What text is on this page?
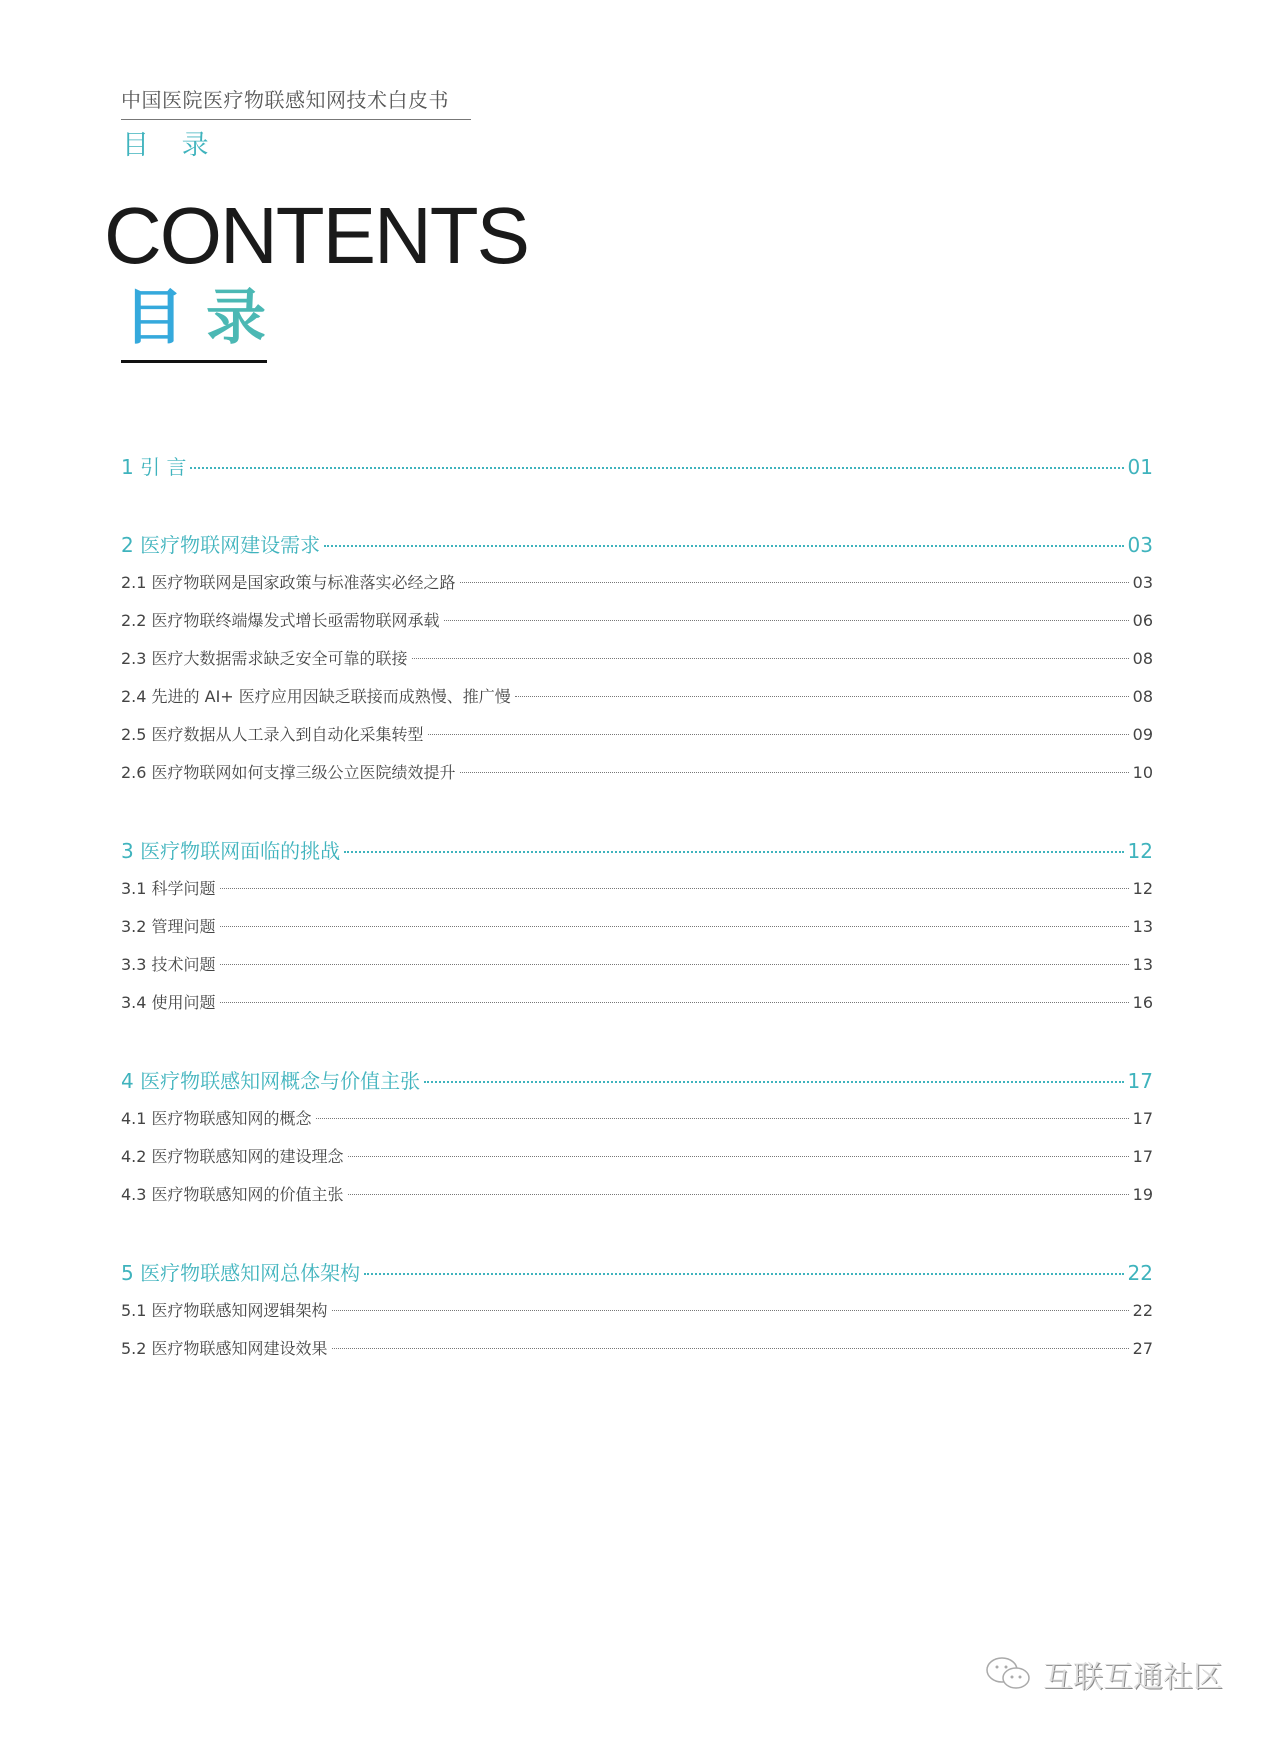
中国医院医疗物联感知网技术白皮书
目 录
CONTENTS
目 录
1 引 言	01
2 医疗物联网建设需求	03
2.1 医疗物联网是国家政策与标准落实必经之路	03
2.2 医疗物联终端爆发式增长亟需物联网承载	06
2.3 医疗大数据需求缺乏安全可靠的联接	08
2.4 先进的 AI+ 医疗应用因缺乏联接而成熟慢、推广慢	08
2.5 医疗数据从人工录入到自动化采集转型	09
2.6 医疗物联网如何支撑三级公立医院绩效提升	10
3 医疗物联网面临的挑战	12
3.1 科学问题	12
3.2 管理问题	13
3.3 技术问题	13
3.4 使用问题	16
4 医疗物联感知网概念与价值主张	17
4.1 医疗物联感知网的概念	17
4.2 医疗物联感知网的建设理念	17
4.3 医疗物联感知网的价值主张	19
5 医疗物联感知网总体架构	22
5.1 医疗物联感知网逻辑架构	22
5.2 医疗物联感知网建设效果	27
互联互通社区
